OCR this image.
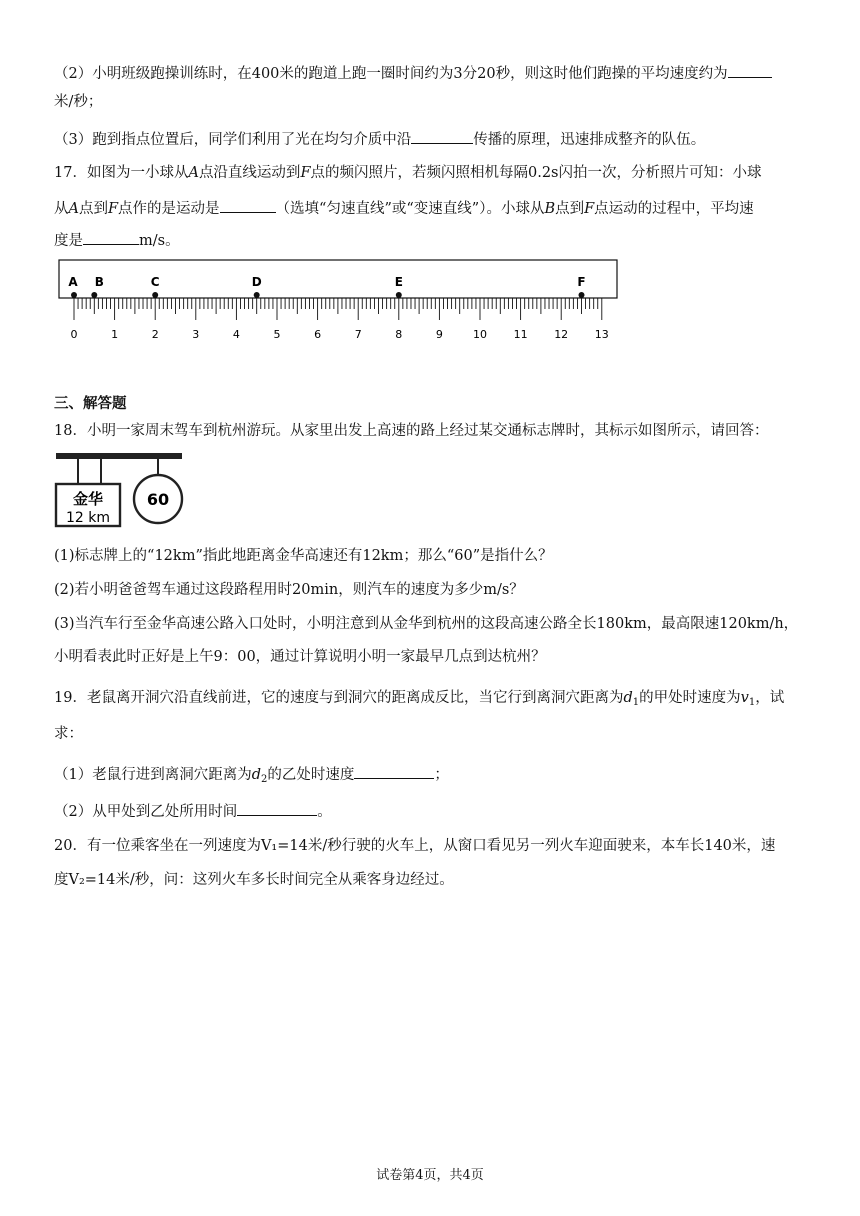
（2）小明班级跑操训练时，在400米的跑道上跑一圈时间约为3分20秒，则这时他们跑操的平均速度约为
米/秒；
（3）跑到指点位置后，同学们利用了光在均匀介质中沿	传播的原理，迅速排成整齐的队伍。
17．如图为一小球从A点沿直线运动到F点的频闪照片，若频闪照相机每隔0.2s闪拍一次，分析照片可知：小球
从A点到F点作的是运动是	（选填“匀速直线”或“变速直线”）。小球从B点到F点运动的过程中，平均速
度是	m/s。
A B	C	D	E	F
0	1	2	3	4	5	6	7	8	9	10 11 12 13
三、解答题
18．小明一家周末驾车到杭州游玩。从家里出发上高速的路上经过某交通标志牌时，其标示如图所示，请回答：
金华
12 km
60
(1)标志牌上的“12km”指此地距离金华高速还有12km；那么“60”是指什么？
(2)若小明爸爸驾车通过这段路程用时20min，则汽车的速度为多少m/s？
(3)当汽车行至金华高速公路入口处时，小明注意到从金华到杭州的这段高速公路全长180km，最高限速120km/h，
小明看表此时正好是上午9：00，通过计算说明小明一家最早几点到达杭州？
19．老鼠离开洞穴沿直线前进，它的速度与到洞穴的距离成反比，当它行到离洞穴距离为$d_1$的甲处时速度为$v_1$，试
求：
（1）老鼠行进到离洞穴距离为$d_2$的乙处时速度	；
（2）从甲处到乙处所用时间	。
20．有一位乘客坐在一列速度为V₁=14米/秒行驶的火车上，从窗口看见另一列火车迎面驶来，本车长140米，速
度V₂=14米/秒，问：这列火车多长时间完全从乘客身边经过。
试卷第4页，共4页
